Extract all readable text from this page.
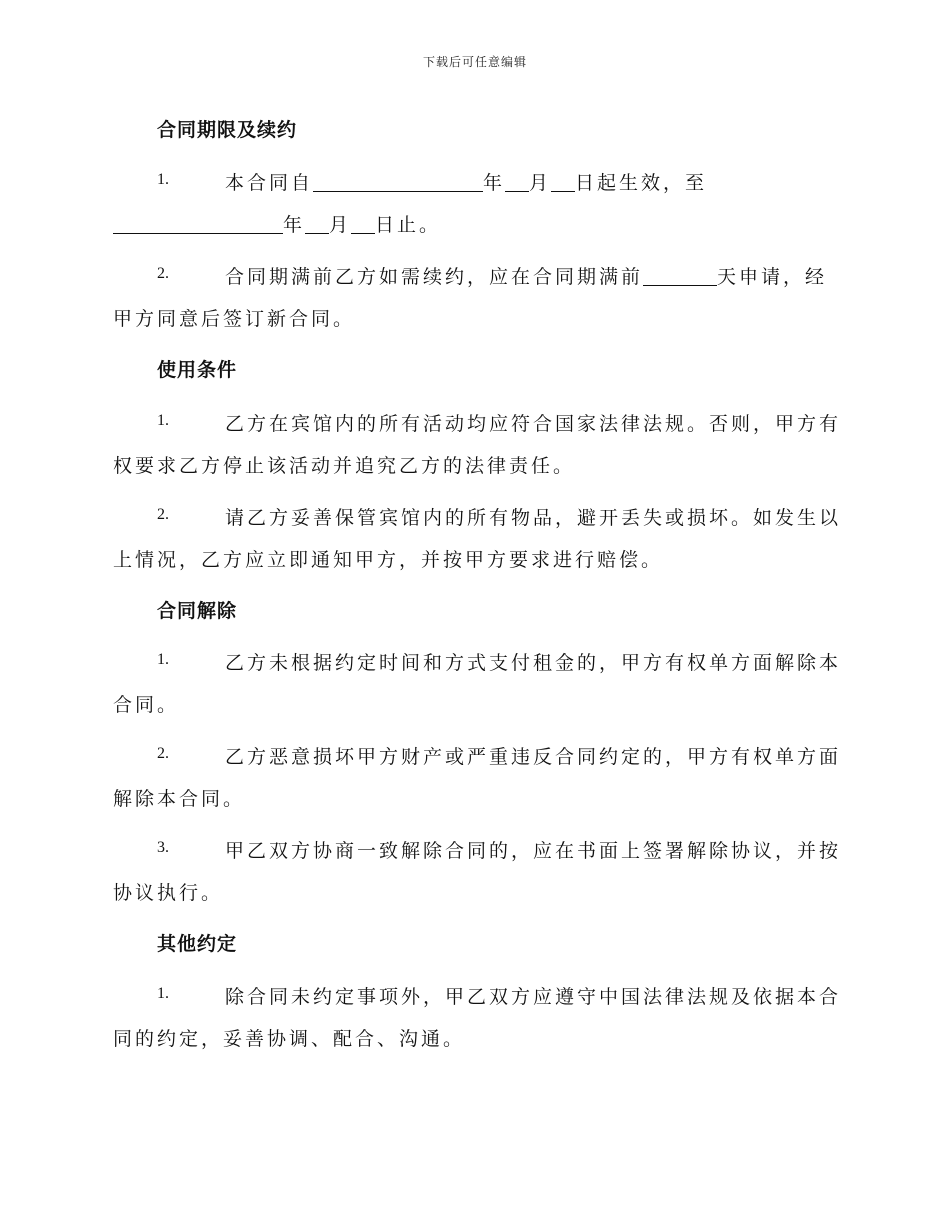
下载后可任意编辑
合同期限及续约
1.	本合同自	年 月 日起生效，至
年 月 日止。
2.	合同期满前乙方如需续约，应在合同期满前	天申请，经
甲方同意后签订新合同。
使用条件
1.	乙方在宾馆内的所有活动均应符合国家法律法规。否则，甲方有
权要求乙方停止该活动并追究乙方的法律责任。
2.	请乙方妥善保管宾馆内的所有物品，避开丢失或损坏。如发生以
上情况，乙方应立即通知甲方，并按甲方要求进行赔偿。
合同解除
1.	乙方未根据约定时间和方式支付租金的，甲方有权单方面解除本
合同。
2.	乙方恶意损坏甲方财产或严重违反合同约定的，甲方有权单方面
解除本合同。
3.	甲乙双方协商一致解除合同的，应在书面上签署解除协议，并按
协议执行。
其他约定
1.	除合同未约定事项外，甲乙双方应遵守中国法律法规及依据本合
同的约定，妥善协调、配合、沟通。
